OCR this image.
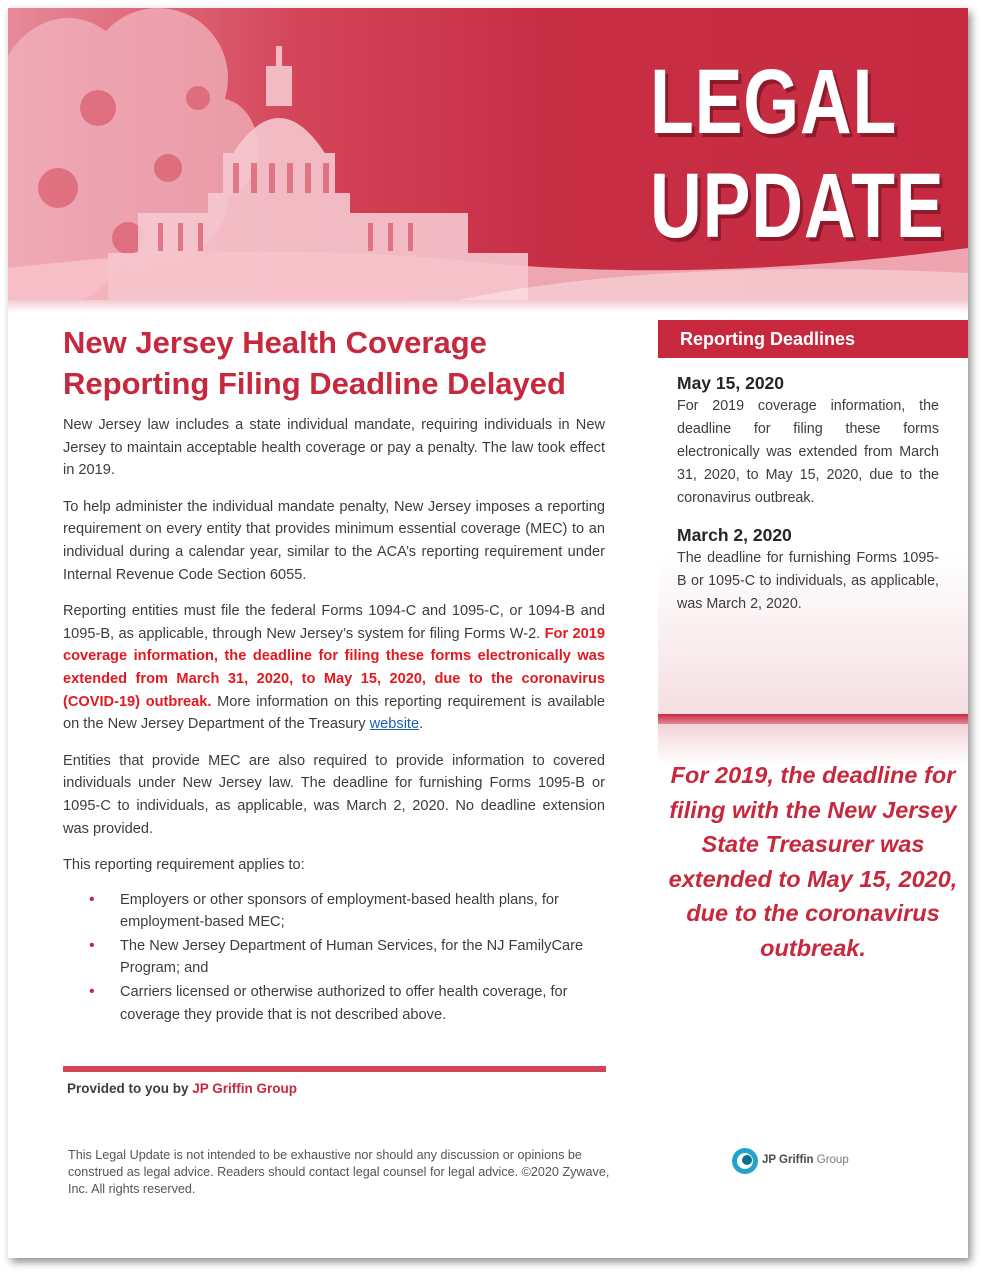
LEGAL
UPDATE
New Jersey Health Coverage Reporting Filing Deadline Delayed

New Jersey law includes a state individual mandate, requiring individuals in New Jersey to maintain acceptable health coverage or pay a penalty. The law took effect in 2019.

To help administer the individual mandate penalty, New Jersey imposes a reporting requirement on every entity that provides minimum essential coverage (MEC) to an individual during a calendar year, similar to the ACA’s reporting requirement under Internal Revenue Code Section 6055.

Reporting entities must file the federal Forms 1094-C and 1095-C, or 1094-B and 1095-B, as applicable, through New Jersey’s system for filing Forms W-2. For 2019 coverage information, the deadline for filing these forms electronically was extended from March 31, 2020, to May 15, 2020, due to the coronavirus (COVID-19) outbreak. More information on this reporting requirement is available on the New Jersey Department of the Treasury website.

Entities that provide MEC are also required to provide information to covered individuals under New Jersey law. The deadline for furnishing Forms 1095-B or 1095-C to individuals, as applicable, was March 2, 2020. No deadline extension was provided.

This reporting requirement applies to:

• Employers or other sponsors of employment-based health plans, for employment-based MEC;
• The New Jersey Department of Human Services, for the NJ FamilyCare Program; and
• Carriers licensed or otherwise authorized to offer health coverage, for coverage they provide that is not described above.
Provided to you by JP Griffin Group
This Legal Update is not intended to be exhaustive nor should any discussion or opinions be construed as legal advice. Readers should contact legal counsel for legal advice. ©2020 Zywave, Inc. All rights reserved.
Reporting Deadlines
May 15, 2020
For 2019 coverage information, the deadline for filing these forms electronically was extended from March 31, 2020, to May 15, 2020, due to the coronavirus outbreak.
March 2, 2020
The deadline for furnishing Forms 1095-B or 1095-C to individuals, as applicable, was March 2, 2020.
For 2019, the deadline for filing with the New Jersey State Treasurer was extended to May 15, 2020, due to the coronavirus outbreak.
JP Griffin Group
